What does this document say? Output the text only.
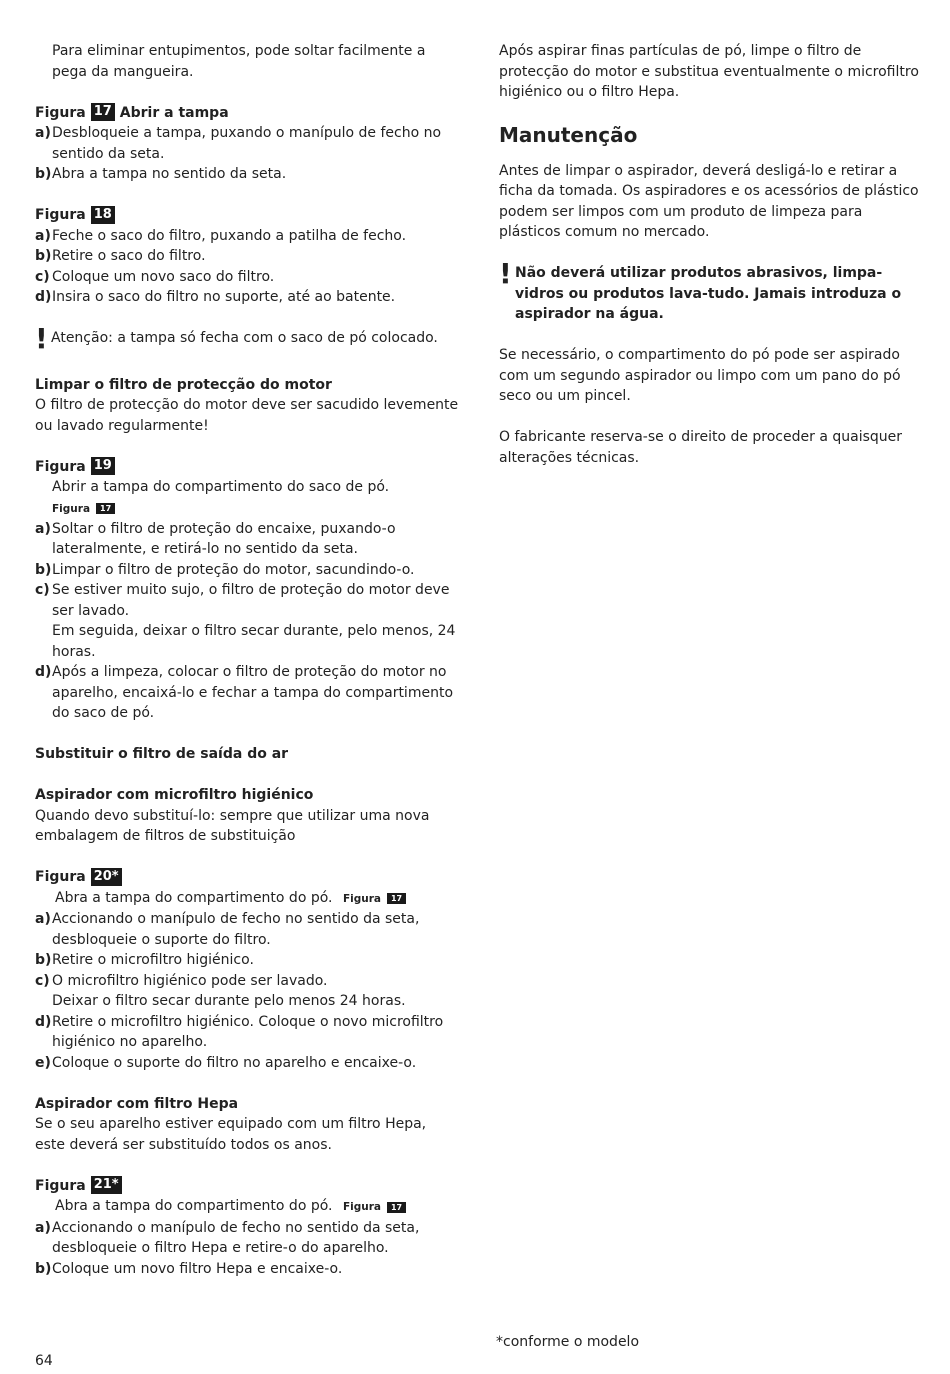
Para eliminar entupimentos, pode soltar facilmente a pega da mangueira.

Figura 17 Abrir a tampa
a) Desbloqueie a tampa, puxando o manípulo de fecho no sentido da seta.
b) Abra a tampa no sentido da seta.
Figura 18
a) Feche o saco do filtro, puxando a patilha de fecho.
b) Retire o saco do filtro.
c) Coloque um novo saco do filtro.
d) Insira o saco do filtro no suporte, até ao batente.
! Atenção: a tampa só fecha com o saco de pó colocado.

Limpar o filtro de protecção do motor

O filtro de protecção do motor deve ser sacudido levemente ou lavado regularmente!

Figura 19

Abrir a tampa do compartimento do saco de pó.

Figura	17

a) Soltar o filtro de proteção do encaixe, puxando-o lateralmente, e retirá-lo no sentido da seta.
b) Limpar o filtro de proteção do motor, sacundindo-o.
c) Se estiver muito sujo, o filtro de proteção do motor deve ser lavado.
Em seguida, deixar o filtro secar durante, pelo menos, 24 horas.
d) Após a limpeza, colocar o filtro de proteção do motor no aparelho, encaixá-lo e fechar a tampa do compartimento do saco de pó.

Substituir o filtro de saída do ar

Aspirador com microfiltro higiénico

Quando devo substituí-lo: sempre que utilizar uma nova embalagem de filtros de substituição

Figura 20*

Abra a tampa do compartimento do pó. Figura	17

a) Accionando o manípulo de fecho no sentido da seta, desbloqueie o suporte do filtro.
b) Retire o microfiltro higiénico.
c) O microfiltro higiénico pode ser lavado.
Deixar o filtro secar durante pelo menos 24 horas.
d) Retire o microfiltro higiénico. Coloque o novo microfiltro higiénico no aparelho.
e) Coloque o suporte do filtro no aparelho e encaixe-o.

Aspirador com filtro Hepa

Se o seu aparelho estiver equipado com um filtro Hepa, este deverá ser substituído todos os anos.

Figura 21*

Abra a tampa do compartimento do pó. Figura	17

a) Accionando o manípulo de fecho no sentido da seta, desbloqueie o filtro Hepa e retire-o do aparelho.
b) Coloque um novo filtro Hepa e encaixe-o.

Após aspirar finas partículas de pó, limpe o filtro de protecção do motor e substitua eventualmente o microfiltro higiénico ou o filtro Hepa.

Manutenção

Antes de limpar o aspirador, deverá desligá-lo e retirar a ficha da tomada. Os aspiradores e os acessórios de plástico podem ser limpos com um produto de limpeza para plásticos comum no mercado.

! Não deverá utilizar produtos abrasivos, limpa-vidros ou produtos lava-tudo. Jamais introduza o aspirador na água.

Se necessário, o compartimento do pó pode ser aspirado com um segundo aspirador ou limpo com um pano do pó seco ou um pincel.

O fabricante reserva-se o direito de proceder a quaisquer alterações técnicas.

*conforme o modelo
64
